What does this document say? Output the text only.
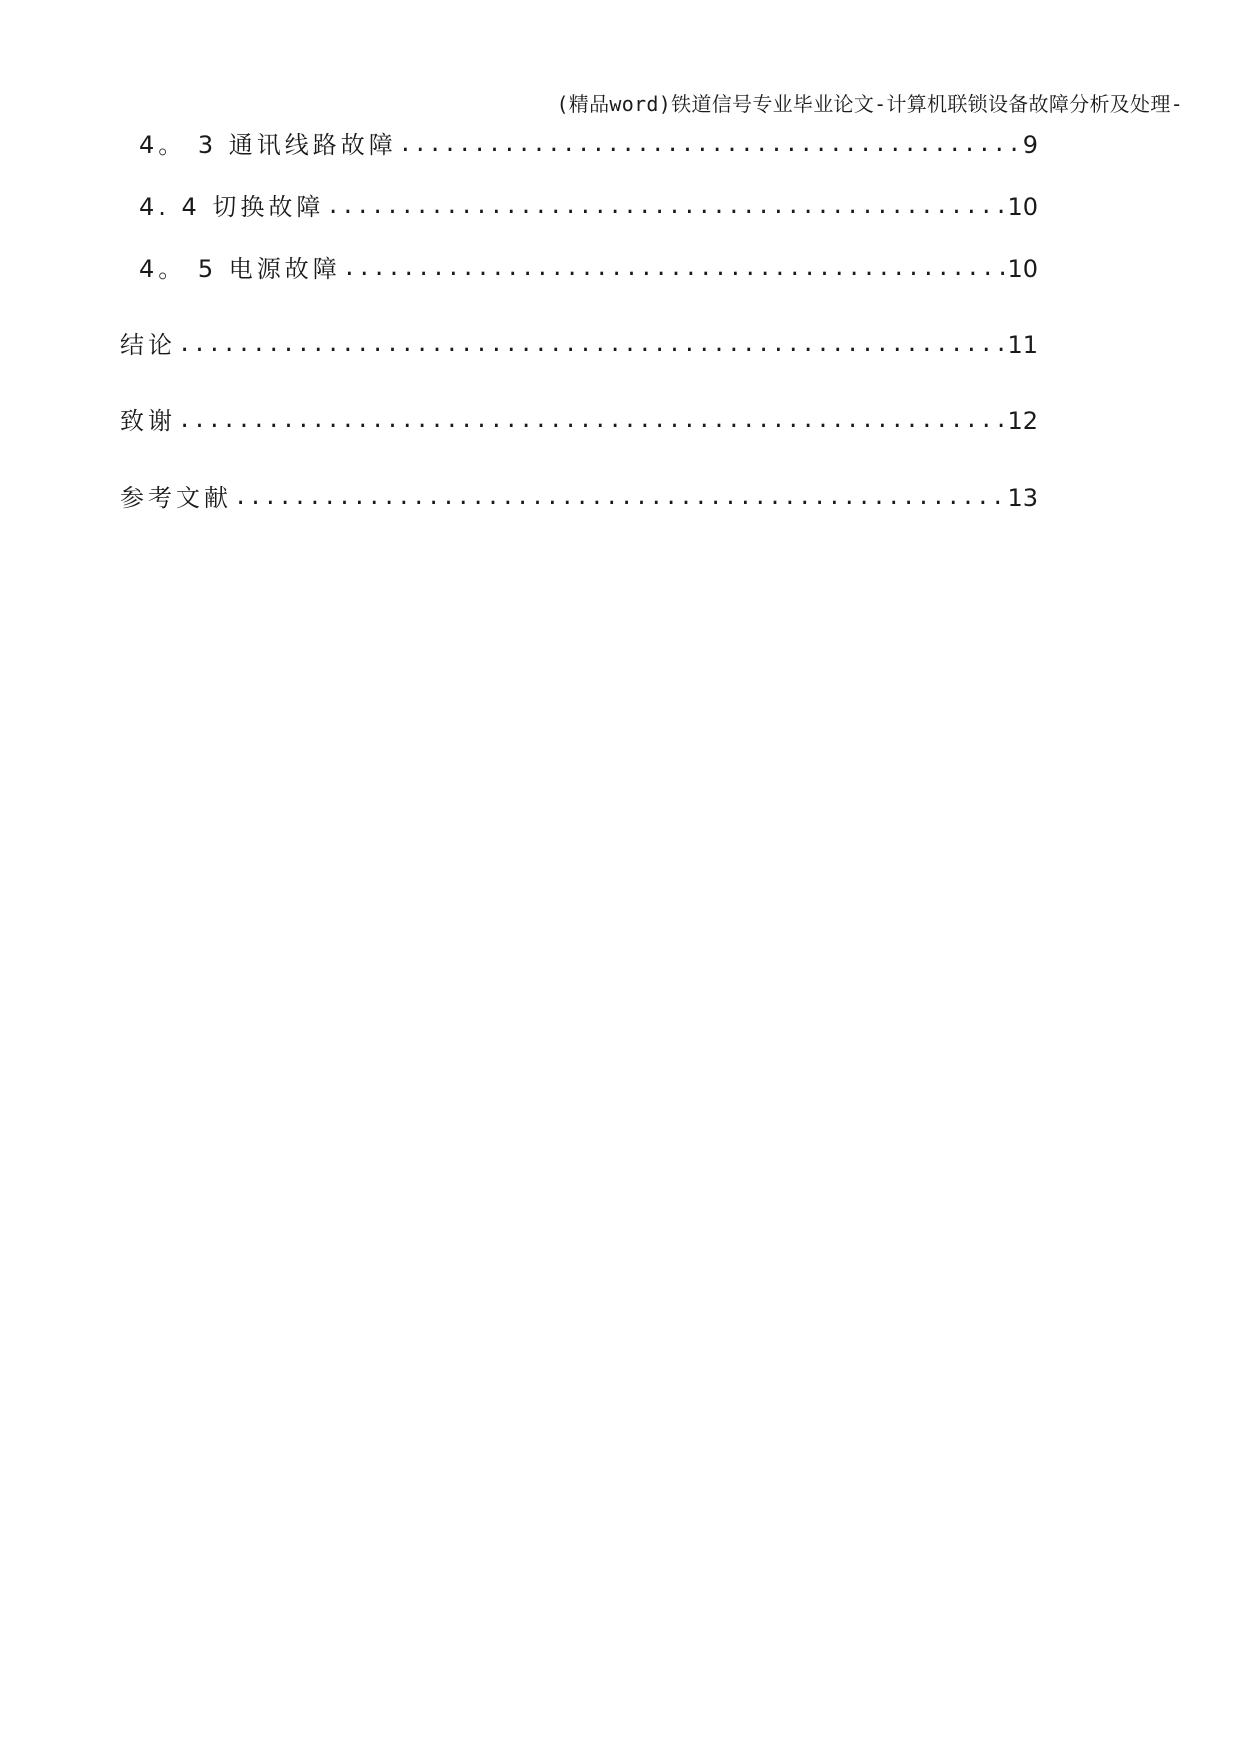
(精品word)铁道信号专业毕业论文-计算机联锁设备故障分析及处理-
4。 3 通讯线路故障 .....	9
4. 4 切换故障 .....	10
4。 5 电源故障 .....	10
结论 .....	11
致谢 .....	12
参考文献 .....	13
